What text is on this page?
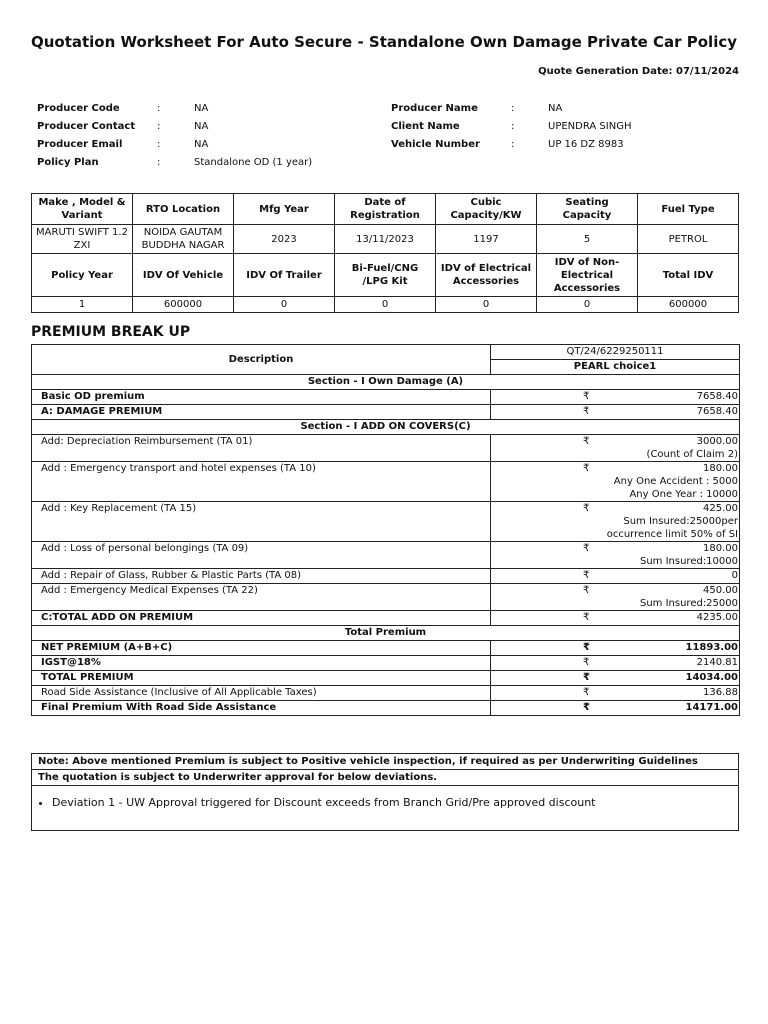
Quotation Worksheet For Auto Secure - Standalone Own Damage Private Car Policy
Quote Generation Date: 07/11/2024
Producer Code	:	NA
Producer Contact	:	NA
Producer Email	:	NA
Policy Plan	:	Standalone OD (1 year)
Producer Name	:	NA
Client Name	:	UPENDRA SINGH
Vehicle Number	:	UP 16 DZ 8983
Make , Model & Variant	RTO Location	Mfg Year	Date of Registration	Cubic Capacity/KW	Seating Capacity	Fuel Type
MARUTI SWIFT 1.2 ZXI	NOIDA GAUTAM BUDDHA NAGAR	2023	13/11/2023	1197	5	PETROL
Policy Year	IDV Of Vehicle	IDV Of Trailer	Bi-Fuel/CNG /LPG Kit	IDV of Electrical Accessories	IDV of Non-Electrical Accessories	Total IDV
1	600000	0	0	0	0	600000
PREMIUM BREAK UP
Description	QT/24/6229250111
	PEARL choice1
Section - I Own Damage (A)	
Basic OD premium	₹ 7658.40
A: DAMAGE PREMIUM	₹ 7658.40
Section - I ADD ON COVERS(C)	
Add: Depreciation Reimbursement (TA 01)	₹ 3000.00
(Count of Claim 2)
Add : Emergency transport and hotel expenses (TA 10)	₹ 180.00
Any One Accident : 5000
Any One Year : 10000
Add : Key Replacement (TA 15)	₹ 425.00
Sum Insured:25000per
occurrence limit 50% of SI
Add : Loss of personal belongings (TA 09)	₹ 180.00
Sum Insured:10000
Add : Repair of Glass, Rubber & Plastic Parts (TA 08)	₹ 0
Add : Emergency Medical Expenses (TA 22)	₹ 450.00
Sum Insured:25000
C:TOTAL ADD ON PREMIUM	₹ 4235.00
Total Premium	
NET PREMIUM (A+B+C)	₹ 11893.00
IGST@18%	₹ 2140.81
TOTAL PREMIUM	₹ 14034.00
Road Side Assistance (Inclusive of All Applicable Taxes)	₹ 136.88
Final Premium With Road Side Assistance	₹ 14171.00
Note: Above mentioned Premium is subject to Positive vehicle inspection, if required as per Underwriting Guidelines
The quotation is subject to Underwriter approval for below deviations.

• Deviation 1 - UW Approval triggered for Discount exceeds from Branch Grid/Pre approved discount
